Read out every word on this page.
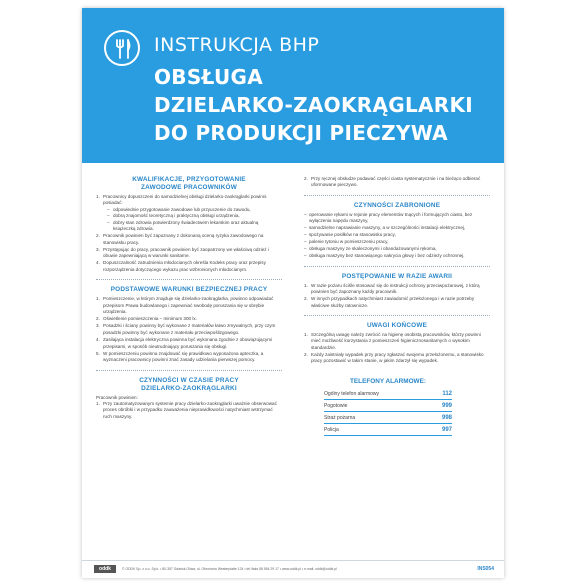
INSTRUKCJA BHP
OBSŁUGA
DZIELARKO-ZAOKRĄGLARKI
DO PRODUKCJI PIECZYWA
KWALIFIKACJE, PRZYGOTOWANIE
ZAWODOWE PRACOWNIKÓW
Pracownicy dopuszczeni do samodzielnej obsługi dzielarko-zaokrąglarki powinni posiadać:
– odpowiednie przygotowanie zawodowe lub przyuczenie do zawodu,
– dobrą znajomość teoretyczną i praktyczną obsługi urządzenia,
– dobry stan zdrowia potwierdzony świadectwem lekarskim oraz aktualną książeczką zdrowia.
Pracownik powinien być zapoznany z dokonaną oceną ryzyka zawodowego na stanowisku pracy.
Przystępując do pracy, pracownik powinien być zaopatrzony we właściwą odzież i obuwie zapewniającą w warunki sanitarne.
Dopuszczalność zatrudnienia młodocianych określa Kodeks pracy oraz przepisy rozporządzenia dotyczącego wykazu prac wzbronionych młodocianym.
PODSTAWOWE WARUNKI BEZPIECZNEJ PRACY
Pomieszczenie, w którym znajduje się dzielarko-zaokrąglarka, powinno odpowiadać przepisom Prawa budowlanego i zapewniać swobodę poruszania się w obrębie urządzenia.
Oświetlenie pomieszczenia – minimum 300 lx.
Posadzki i ściany powinny być wykonane z materiałów łatwo zmywalnych, przy czym posadzki powinny być wykonane z materiału przeciwpoślizgowego.
Zasilająca instalacja elektryczna powinna być wykonana zgodnie z obowiązującymi przepisami, w sposób nieutrudniający poruszania się obsługi.
W pomieszczeniu powinna znajdować się prawidłowo wyposażona apteczka, a wyznaczeni pracownicy powinni znać zasady udzielania pierwszej pomocy.
CZYNNOŚCI W CZASIE PRACY
DZIELARKO-ZAOKRĄGLARKI
Pracownik powinien:
Przy zautomatyzowanym systemie pracy dzielarko-zaokrąglarki uważnie obserwować proces obróbki i w przypadku zauważenia nieprawidłowości natychmiast wstrzymać ruch maszyny.
Przy ręcznej obsłudze podawać części ciasta systematycznie i na bieżąco odbierać uformowane pieczywo.
CZYNNOŚCI ZABRONIONE
– operowanie rękami w rejonie pracy elementów tnących i formujących ciasto, bez wyłączenia napędu maszyny,
– samodzielne naprawianie maszyny, a w szczególności instalacji elektrycznej,
– spożywanie posiłków na stanowisku pracy,
– palenie tytoniu w pomieszczeniu pracy,
– obsługa maszyny ze skaleczonymi i obandażowanymi rękoma,
– obsługa maszyny bez stanowiącego nakrycia głowy i bez odzieży ochronnej.
POSTĘPOWANIE W RAZIE AWARII
W razie pożaru ściśle stosować się do instrukcji ochrony przeciwpożarowej, z którą powinien być zapoznany każdy pracownik.
W innych przypadkach natychmiast zawiadomić przełożonego i w razie potrzeby właściwe służby ratownicze.
UWAGI KOŃCOWE
Szczególną uwagę należy zwrócić na higienę osobistą pracowników, którzy powinni mieć możliwość korzystania z pomieszczeń higienicznosanitarnych o wysokim standardzie.
Każdy zaistniały wypadek przy pracy zgłaszać swojemu przełożonemu, a stanowisko pracy pozostawić w takim stanie, w jakim zdarzył się wypadek.
TELEFONY ALARMOWE:
Ogólny telefon alarmowy	112
Pogotowie	999
Straż pożarna	998
Policja	997
oddk	© ODDK Sp. z o.o. Sp.k. • 80-357 Gdańsk-Oliwa, ul. Obrońców Westerplatte 124 • tel./faks 58 554 29 17 • www.oddk.pl • e-mail: oddk@oddk.pl	INS054
